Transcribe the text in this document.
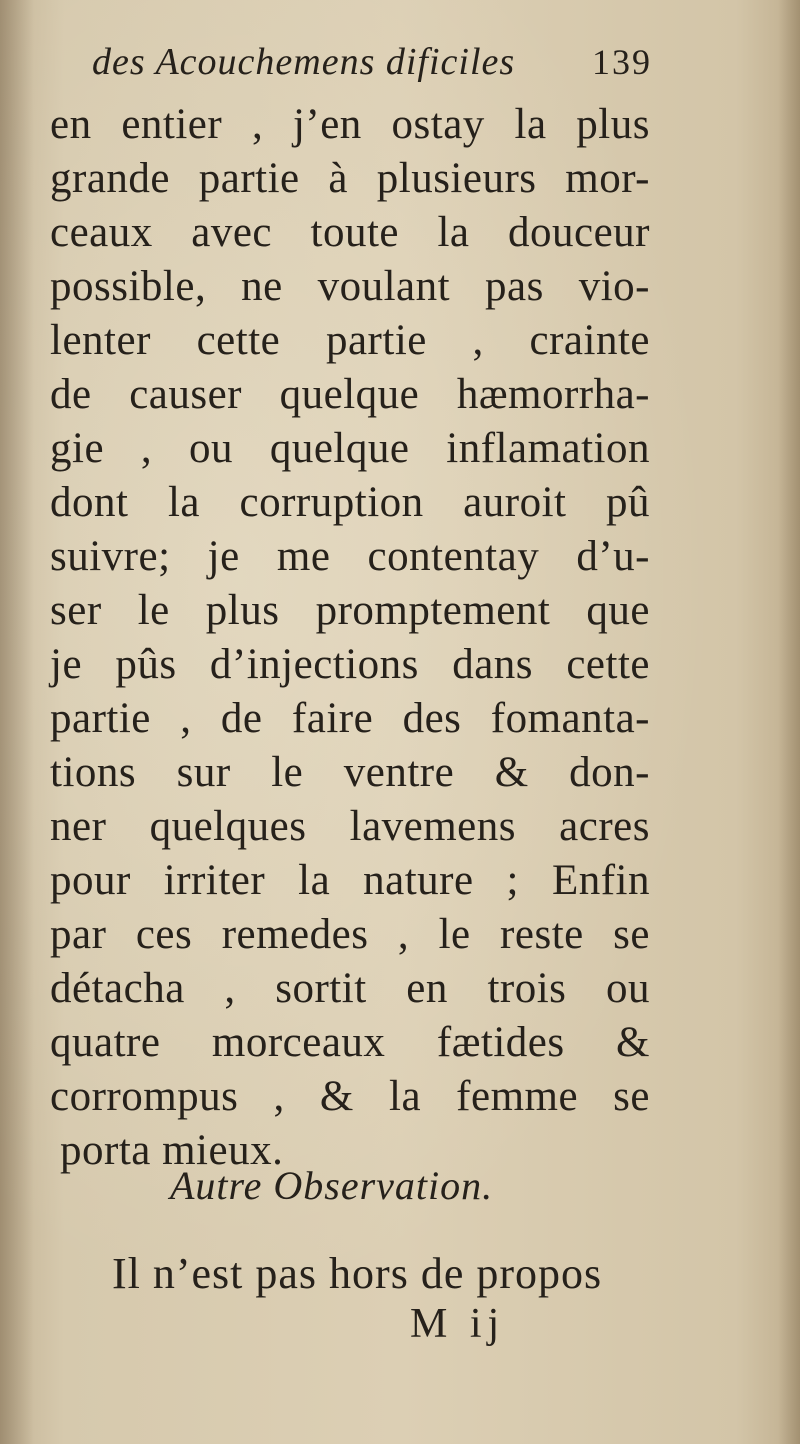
des Acouchemens dificiles 139
en entier , j’en ostay la plus
grande partie à plusieurs mor-
ceaux avec toute la douceur
possible, ne voulant pas vio-
lenter cette partie , crainte
de causer quelque hæmorrha-
gie , ou quelque inflamation
dont la corruption auroit pû
suivre; je me contentay d’u-
ser le plus promptement que
je pûs d’injections dans cette
partie , de faire des fomanta-
tions sur le ventre & don-
ner quelques lavemens acres
pour irriter la nature ; Enfin
par ces remedes , le reste se
détacha , sortit en trois ou
quatre morceaux fætides &
corrompus , & la femme se
porta mieux.
Autre Observation.
Il n’est pas hors de propos
M ij
